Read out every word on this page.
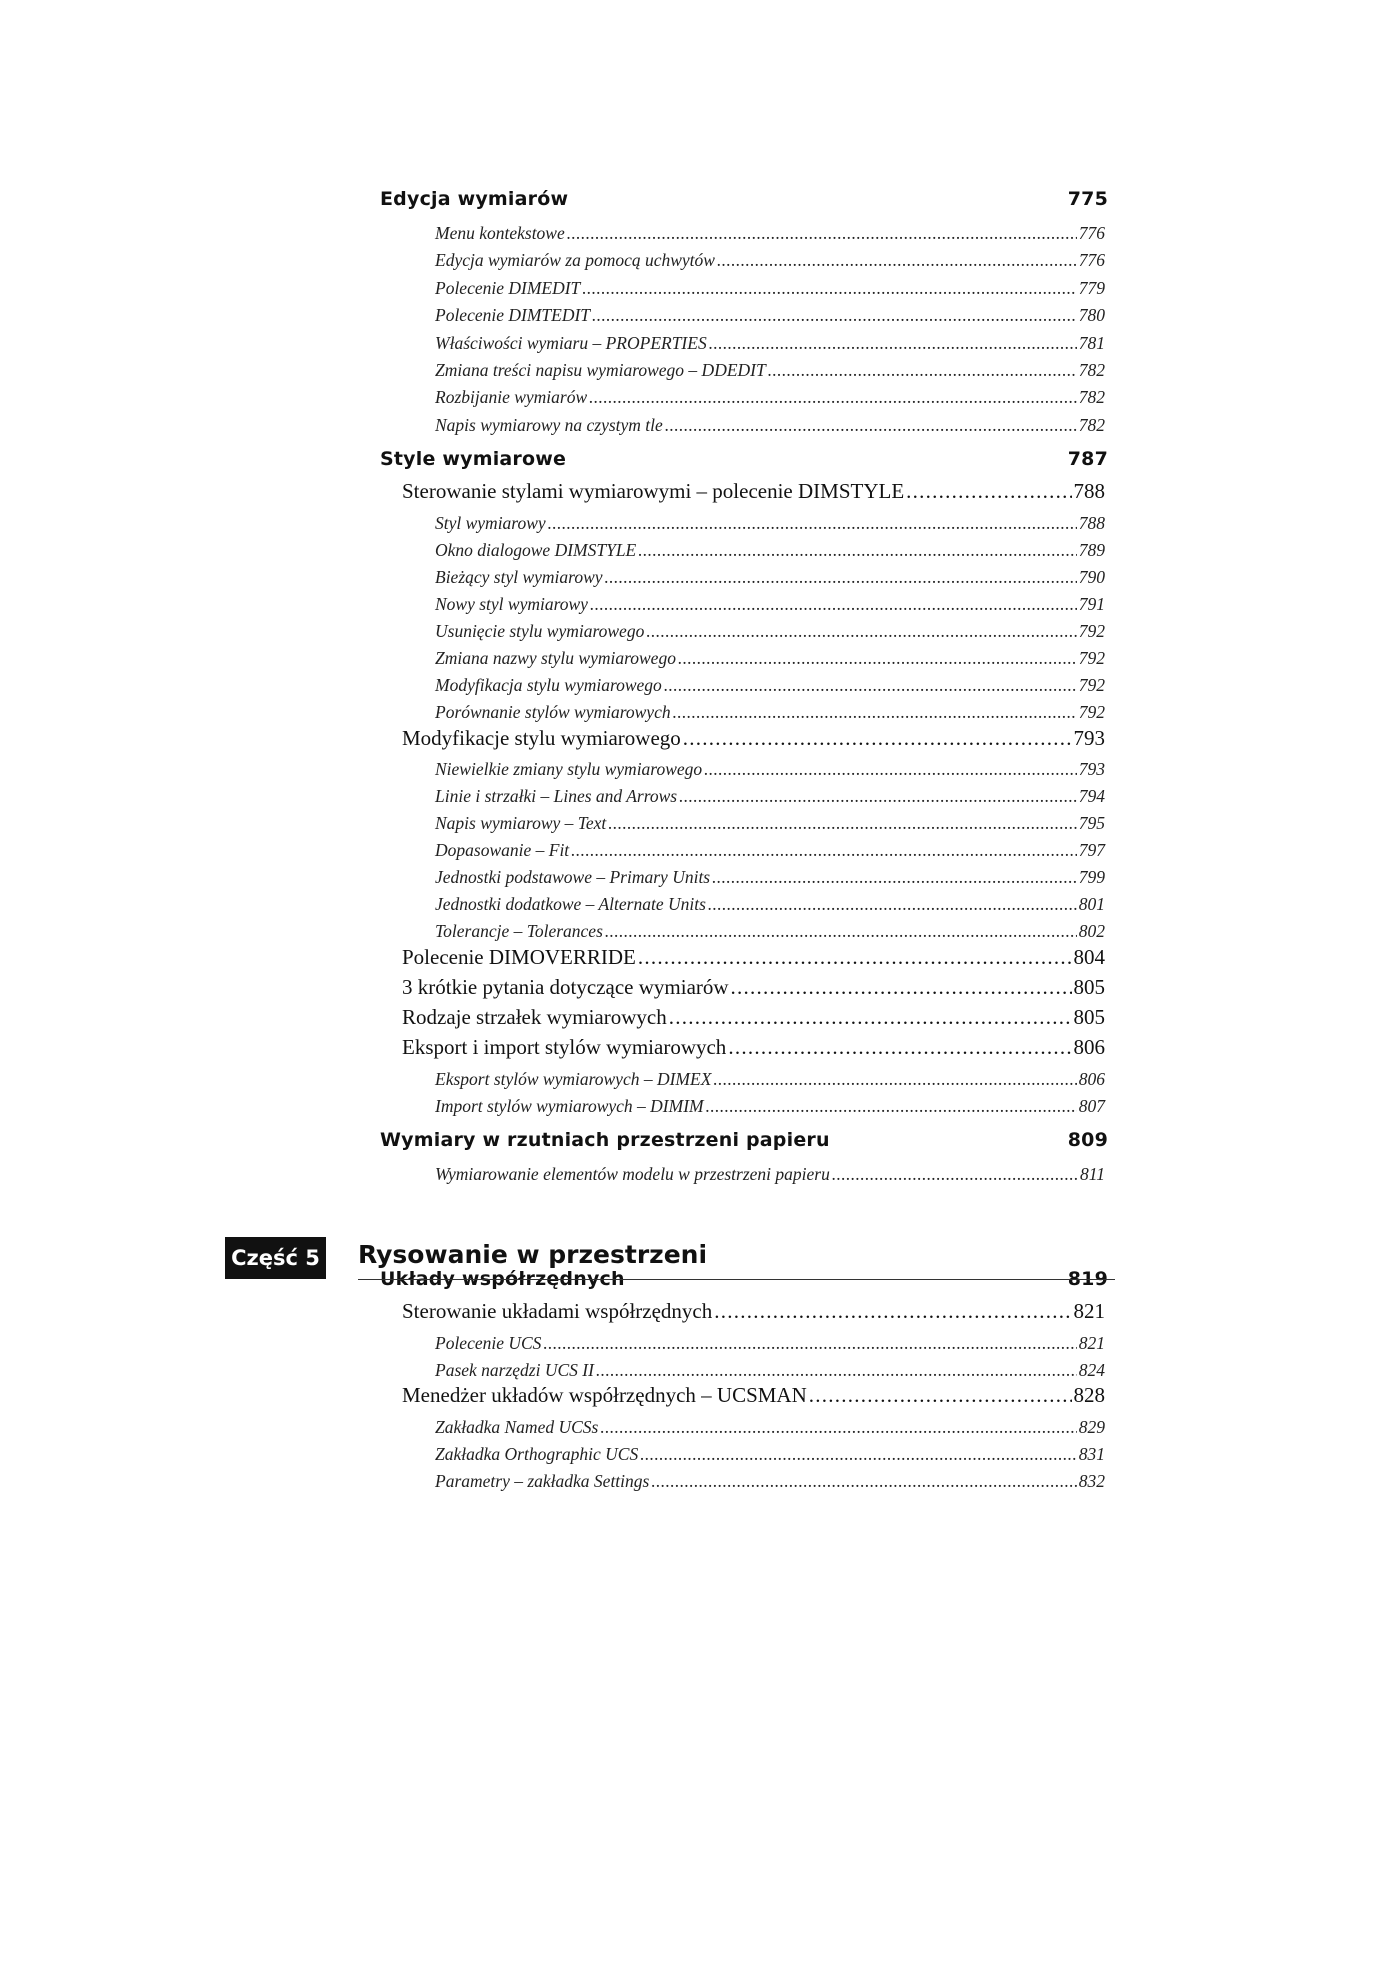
Edycja wymiarów	775
Menu kontekstowe . . .	776
Edycja wymiarów za pomocą uchwytów . . .	776
Polecenie DIMEDIT . . .	779
Polecenie DIMTEDIT . . .	780
Właściwości wymiaru – PROPERTIES . . .	781
Zmiana treści napisu wymiarowego – DDEDIT . . .	782
Rozbijanie wymiarów . . .	782
Napis wymiarowy na czystym tle . . .	782
Style wymiarowe	787
Sterowanie stylami wymiarowymi – polecenie DIMSTYLE . . .	788
Styl wymiarowy . . .	788
Okno dialogowe DIMSTYLE . . .	789
Bieżący styl wymiarowy . . .	790
Nowy styl wymiarowy . . .	791
Usunięcie stylu wymiarowego . . .	792
Zmiana nazwy stylu wymiarowego . . .	792
Modyfikacja stylu wymiarowego . . .	792
Porównanie stylów wymiarowych . . .	792
Modyfikacje stylu wymiarowego . . .	793
Niewielkie zmiany stylu wymiarowego . . .	793
Linie i strzałki – Lines and Arrows . . .	794
Napis wymiarowy – Text . . .	795
Dopasowanie – Fit . . .	797
Jednostki podstawowe – Primary Units . . .	799
Jednostki dodatkowe – Alternate Units . . .	801
Tolerancje – Tolerances . . .	802
Polecenie DIMOVERRIDE . . .	804
3 krótkie pytania dotyczące wymiarów . . .	805
Rodzaje strzałek wymiarowych . . .	805
Eksport i import stylów wymiarowych . . .	806
Eksport stylów wymiarowych – DIMEX . . .	806
Import stylów wymiarowych – DIMIM . . .	807
Wymiary w rzutniach przestrzeni papieru	809
Wymiarowanie elementów modelu w przestrzeni papieru . . .	811
Układy współrzędnych	819
Sterowanie układami współrzędnych . . .	821
Polecenie UCS . . .	821
Pasek narzędzi UCS II . . .	824
Menedżer układów współrzędnych – UCSMAN . . .	828
Zakładka Named UCSs . . .	829
Zakładka Orthographic UCS . . .	831
Parametry – zakładka Settings . . .	832
Część 5 Rysowanie w przestrzeni
